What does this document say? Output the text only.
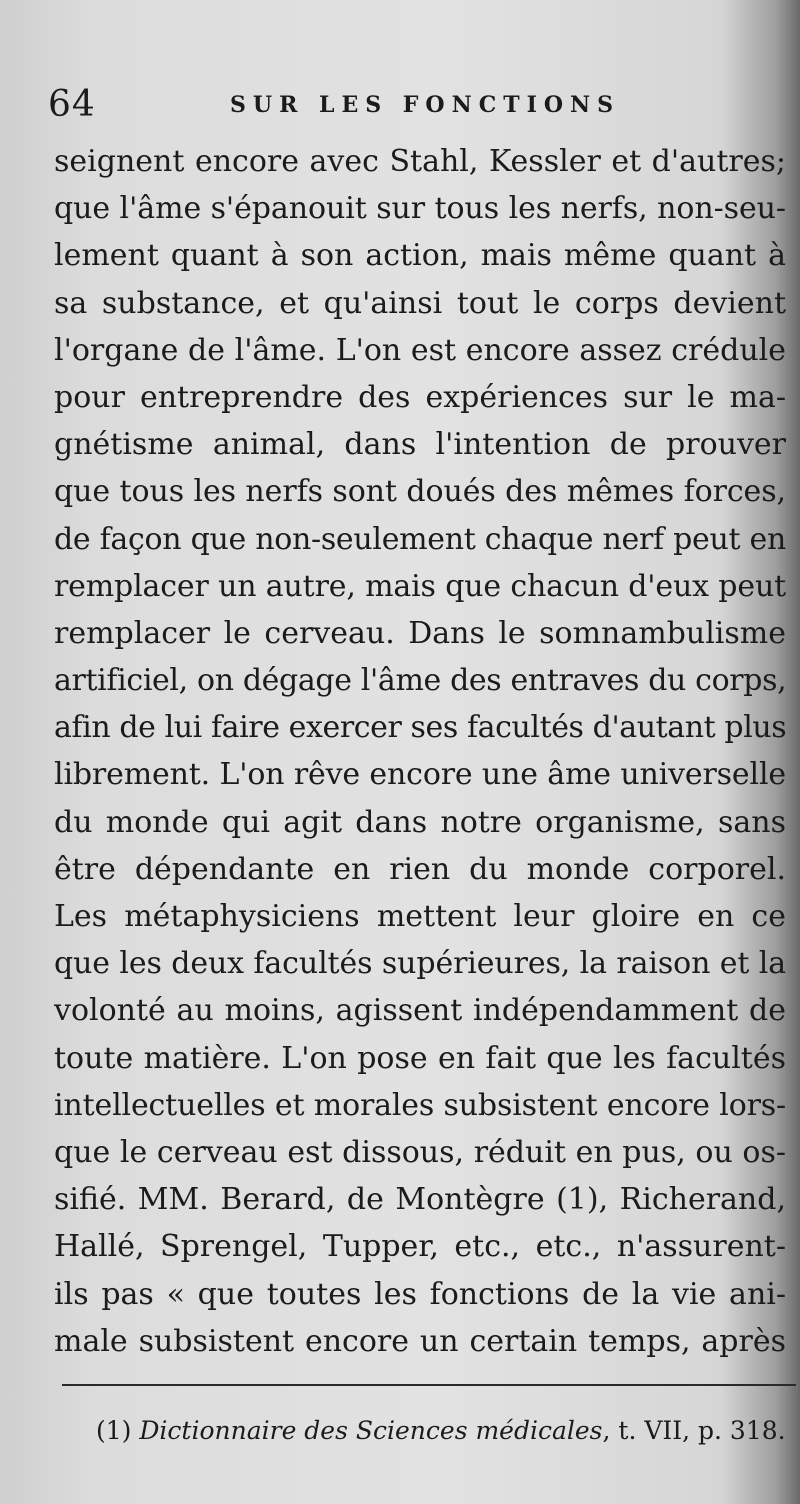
64	SUR LES FONCTIONS
seignent encore avec Stahl, Kessler et d'autres;
que l'âme s'épanouit sur tous les nerfs, non-seu-
lement quant à son action, mais même quant à
sa substance, et qu'ainsi tout le corps devient
l'organe de l'âme. L'on est encore assez crédule
pour entreprendre des expériences sur le ma-
gnétisme animal, dans l'intention de prouver
que tous les nerfs sont doués des mêmes forces,
de façon que non-seulement chaque nerf peut en
remplacer un autre, mais que chacun d'eux peut
remplacer le cerveau. Dans le somnambulisme
artificiel, on dégage l'âme des entraves du corps,
afin de lui faire exercer ses facultés d'autant plus
librement. L'on rêve encore une âme universelle
du monde qui agit dans notre organisme, sans
être dépendante en rien du monde corporel.
Les métaphysiciens mettent leur gloire en ce
que les deux facultés supérieures, la raison et la
volonté au moins, agissent indépendamment de
toute matière. L'on pose en fait que les facultés
intellectuelles et morales subsistent encore lors-
que le cerveau est dissous, réduit en pus, ou os-
sifié. MM. Berard, de Montègre (1), Richerand,
Hallé, Sprengel, Tupper, etc., etc., n'assurent-
ils pas « que toutes les fonctions de la vie ani-
male subsistent encore un certain temps, après
(1) Dictionnaire des Sciences médicales, t. VII, p. 318.
